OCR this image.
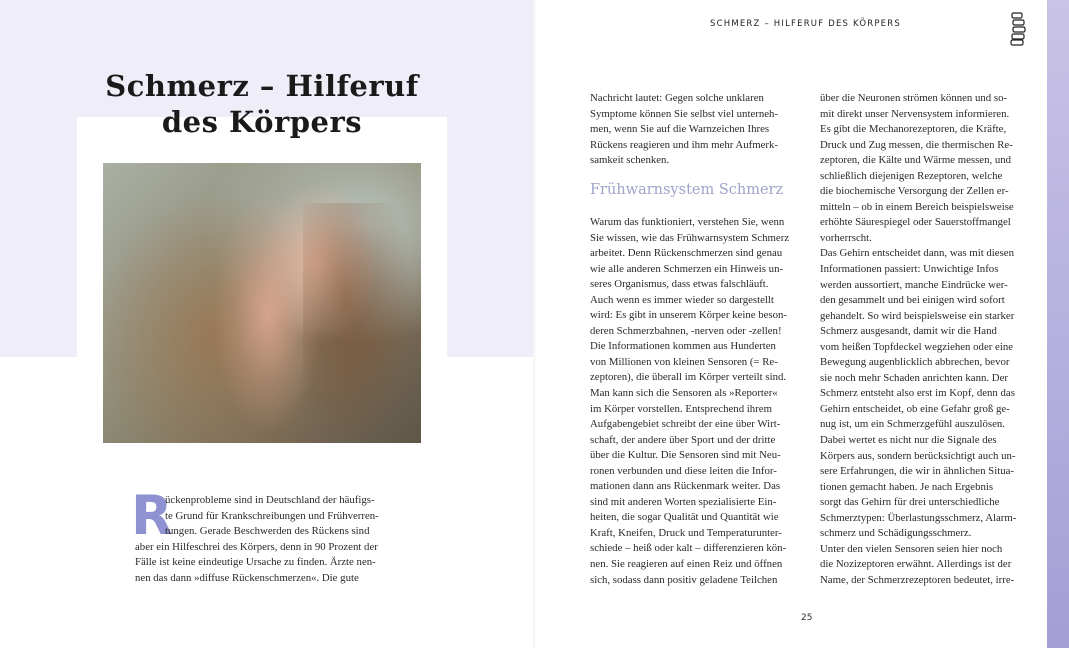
Schmerz – Hilferuf
des Körpers
R
ückenprobleme sind in Deutschland der häufigs-
te Grund für Krankschreibungen und Frühverren-
tungen. Gerade Beschwerden des Rückens sind
aber ein Hilfeschrei des Körpers, denn in 90 Prozent der
Fälle ist keine eindeutige Ursache zu finden. Ärzte nen-
nen das dann »diffuse Rückenschmerzen«. Die gute
SCHMERZ – HILFERUF DES KÖRPERS
Nachricht lautet: Gegen solche unklaren
Symptome können Sie selbst viel unterneh-
men, wenn Sie auf die Warnzeichen Ihres
Rückens reagieren und ihm mehr Aufmerk-
samkeit schenken.
Frühwarnsystem Schmerz
Warum das funktioniert, verstehen Sie, wenn
Sie wissen, wie das Frühwarnsystem Schmerz
arbeitet. Denn Rückenschmerzen sind genau
wie alle anderen Schmerzen ein Hinweis un-
seres Organismus, dass etwas falschläuft.
Auch wenn es immer wieder so dargestellt
wird: Es gibt in unserem Körper keine beson-
deren Schmerzbahnen, -nerven oder -zellen!
Die Informationen kommen aus Hunderten
von Millionen von kleinen Sensoren (= Re-
zeptoren), die überall im Körper verteilt sind.
Man kann sich die Sensoren als »Reporter«
im Körper vorstellen. Entsprechend ihrem
Aufgabengebiet schreibt der eine über Wirt-
schaft, der andere über Sport und der dritte
über die Kultur. Die Sensoren sind mit Neu-
ronen verbunden und diese leiten die Infor-
mationen dann ans Rückenmark weiter. Das
sind mit anderen Worten spezialisierte Ein-
heiten, die sogar Qualität und Quantität wie
Kraft, Kneifen, Druck und Temperaturunter-
schiede – heiß oder kalt – differenzieren kön-
nen. Sie reagieren auf einen Reiz und öffnen
sich, sodass dann positiv geladene Teilchen
über die Neuronen strömen können und so-
mit direkt unser Nervensystem informieren.
Es gibt die Mechanorezeptoren, die Kräfte,
Druck und Zug messen, die thermischen Re-
zeptoren, die Kälte und Wärme messen, und
schließlich diejenigen Rezeptoren, welche
die biochemische Versorgung der Zellen er-
mitteln – ob in einem Bereich beispielsweise
erhöhte Säurespiegel oder Sauerstoffmangel
vorherrscht.
Das Gehirn entscheidet dann, was mit diesen
Informationen passiert: Unwichtige Infos
werden aussortiert, manche Eindrücke wer-
den gesammelt und bei einigen wird sofort
gehandelt. So wird beispielsweise ein starker
Schmerz ausgesandt, damit wir die Hand
vom heißen Topfdeckel wegziehen oder eine
Bewegung augenblicklich abbrechen, bevor
sie noch mehr Schaden anrichten kann. Der
Schmerz entsteht also erst im Kopf, denn das
Gehirn entscheidet, ob eine Gefahr groß ge-
nug ist, um ein Schmerzgefühl auszulösen.
Dabei wertet es nicht nur die Signale des
Körpers aus, sondern berücksichtigt auch un-
sere Erfahrungen, die wir in ähnlichen Situa-
tionen gemacht haben. Je nach Ergebnis
sorgt das Gehirn für drei unterschiedliche
Schmerztypen: Überlastungsschmerz, Alarm-
schmerz und Schädigungsschmerz.
Unter den vielen Sensoren seien hier noch
die Nozizeptoren erwähnt. Allerdings ist der
Name, der Schmerzrezeptoren bedeutet, irre-
25
